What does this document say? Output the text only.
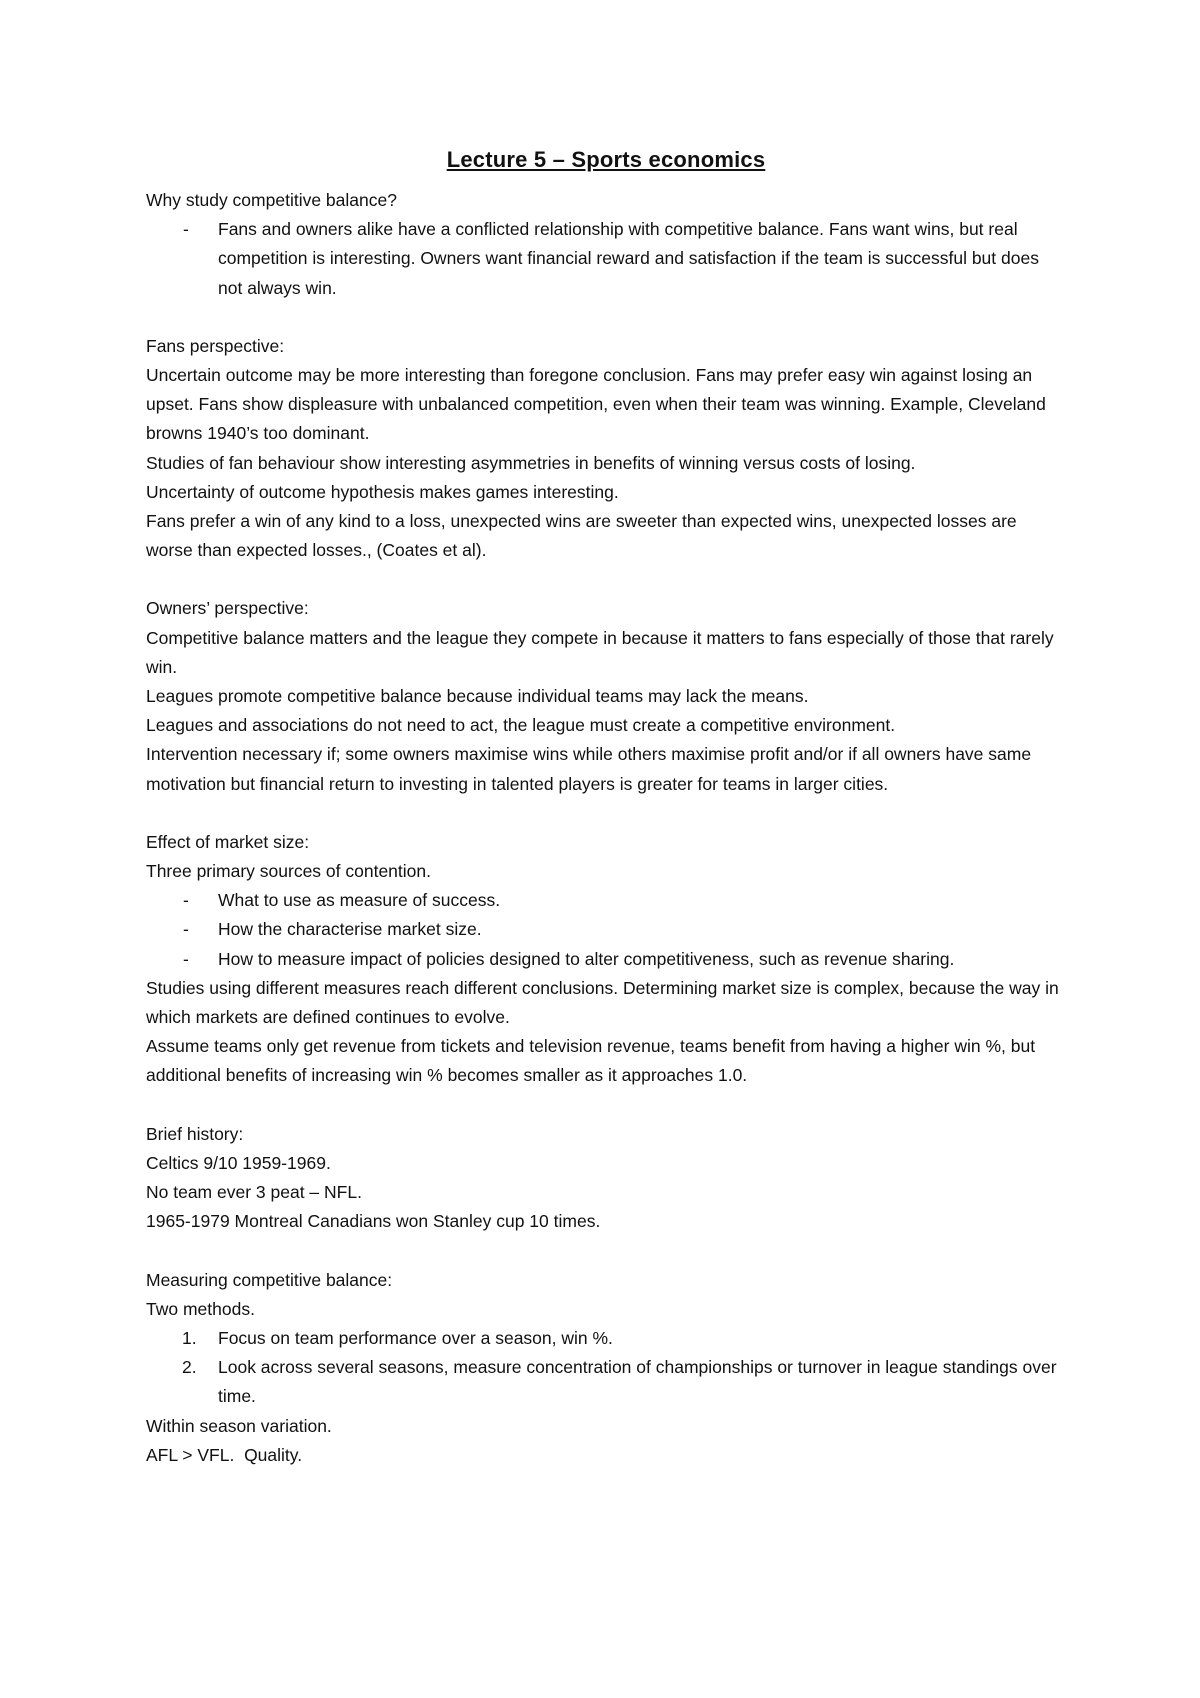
Lecture 5 – Sports economics

Why study competitive balance?

- Fans and owners alike have a conflicted relationship with competitive balance. Fans want wins, but real competition is interesting. Owners want financial reward and satisfaction if the team is successful but does not always win.

Fans perspective:

Uncertain outcome may be more interesting than foregone conclusion. Fans may prefer easy win against losing an upset. Fans show displeasure with unbalanced competition, even when their team was winning. Example, Cleveland browns 1940’s too dominant.

Studies of fan behaviour show interesting asymmetries in benefits of winning versus costs of losing.

Uncertainty of outcome hypothesis makes games interesting.

Fans prefer a win of any kind to a loss, unexpected wins are sweeter than expected wins, unexpected losses are worse than expected losses., (Coates et al).

Owners’ perspective:

Competitive balance matters and the league they compete in because it matters to fans especially of those that rarely win.

Leagues promote competitive balance because individual teams may lack the means.

Leagues and associations do not need to act, the league must create a competitive environment.

Intervention necessary if; some owners maximise wins while others maximise profit and/or if all owners have same motivation but financial return to investing in talented players is greater for teams in larger cities.

Effect of market size:

Three primary sources of contention.

- What to use as measure of success.
- How the characterise market size.
- How to measure impact of policies designed to alter competitiveness, such as revenue sharing.

Studies using different measures reach different conclusions. Determining market size is complex, because the way in which markets are defined continues to evolve.

Assume teams only get revenue from tickets and television revenue, teams benefit from having a higher win %, but additional benefits of increasing win % becomes smaller as it approaches 1.0.

Brief history:

Celtics 9/10 1959-1969.

No team ever 3 peat – NFL.

1965-1979 Montreal Canadians won Stanley cup 10 times.

Measuring competitive balance:

Two methods.

1. Focus on team performance over a season, win %.
2. Look across several seasons, measure concentration of championships or turnover in league standings over time.

Within season variation.

AFL > VFL.  Quality.
